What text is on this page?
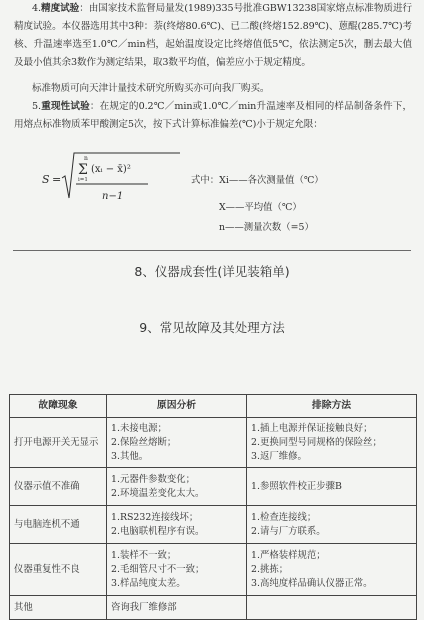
4.精度试验：由国家技术监督局量发(1989)335号批准GBW13238国家熔点标准物质进行精度试验。本仪器选用其中3种：萘(终熔80.6℃)、已二酸(终熔152.89℃)、蒽醌(285.7℃)考核、升温速率选至1.0℃／min档，起始温度设定比终熔值低5℃，依法测定5次，删去最大值及最小值其余3数作为测定结果，取3数平均值，偏差应小于规定精度。

标准物质可向天津计量技术研究所购买亦可向我厂购买。

5.重现性试验：在规定的0.2℃／min或1.0℃／min升温速率及相同的样品制备条件下，用熔点标准物质苯甲酸测定5次，按下式计算标准偏差(℃)小于规定允限：

S =
n
Σ
i=1
(xᵢ − x̄)²
n−1
式中：Xi——各次测量值（℃）
X——平均值（℃）
n——测量次数（=5）
8、仪器成套性(详见装箱单)
9、常见故障及其处理方法
故障现象	原因分析	排除方法
打开电源开关无显示	1.未接电源；
2.保险丝熔断；
3.其他。	1.插上电源并保证接触良好；
2.更换同型号同规格的保险丝；
3.返厂维修。

仪器示值不准确	1.元器件参数变化；
2.环境温差变化太大。	1.参照软件校正步骤B

与电脑连机不通	1.RS232连接线坏；
2.电脑联机程序有误。	1.检查连接线；
2.请与厂方联系。

仪器重复性不良	1.装样不一致；
2.毛细管尺寸不一致；
3.样品纯度太差。	1.严格装样规范；
2.挑拣；
3.高纯度样品确认仪器正常。

其他	咨询我厂维修部	
